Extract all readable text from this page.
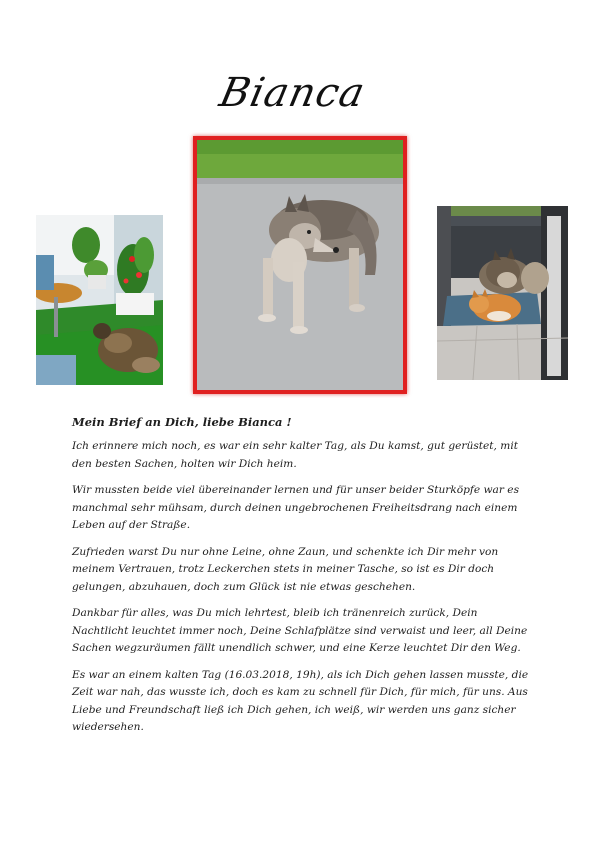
Bianca
Mein Brief an Dich, liebe Bianca !

Ich erinnere mich noch, es war ein sehr kalter Tag, als Du kamst, gut gerüstet, mit den besten Sachen, holten wir Dich heim.

Wir mussten beide viel übereinander lernen und für unser beider Sturköpfe war es manchmal sehr mühsam, durch deinen ungebrochenen Freiheitsdrang nach einem Leben auf der Straße.

Zufrieden warst Du nur ohne Leine, ohne Zaun, und schenkte ich Dir mehr von meinem Vertrauen, trotz Leckerchen stets in meiner Tasche, so ist es Dir doch gelungen, abzuhauen, doch zum Glück ist nie etwas geschehen.

Dankbar für alles, was Du mich lehrtest, bleib ich tränenreich zurück, Dein Nachtlicht leuchtet immer noch, Deine Schlafplätze sind verwaist und leer, all Deine Sachen wegzuräumen fällt unendlich schwer, und eine Kerze leuchtet Dir den Weg.

Es war an einem kalten Tag (16.03.2018, 19h), als ich Dich gehen lassen musste, die Zeit war nah, das wusste ich, doch es kam zu schnell für Dich, für mich, für uns. Aus Liebe und Freundschaft ließ ich Dich gehen, ich weiß, wir werden uns ganz sicher wiedersehen.
